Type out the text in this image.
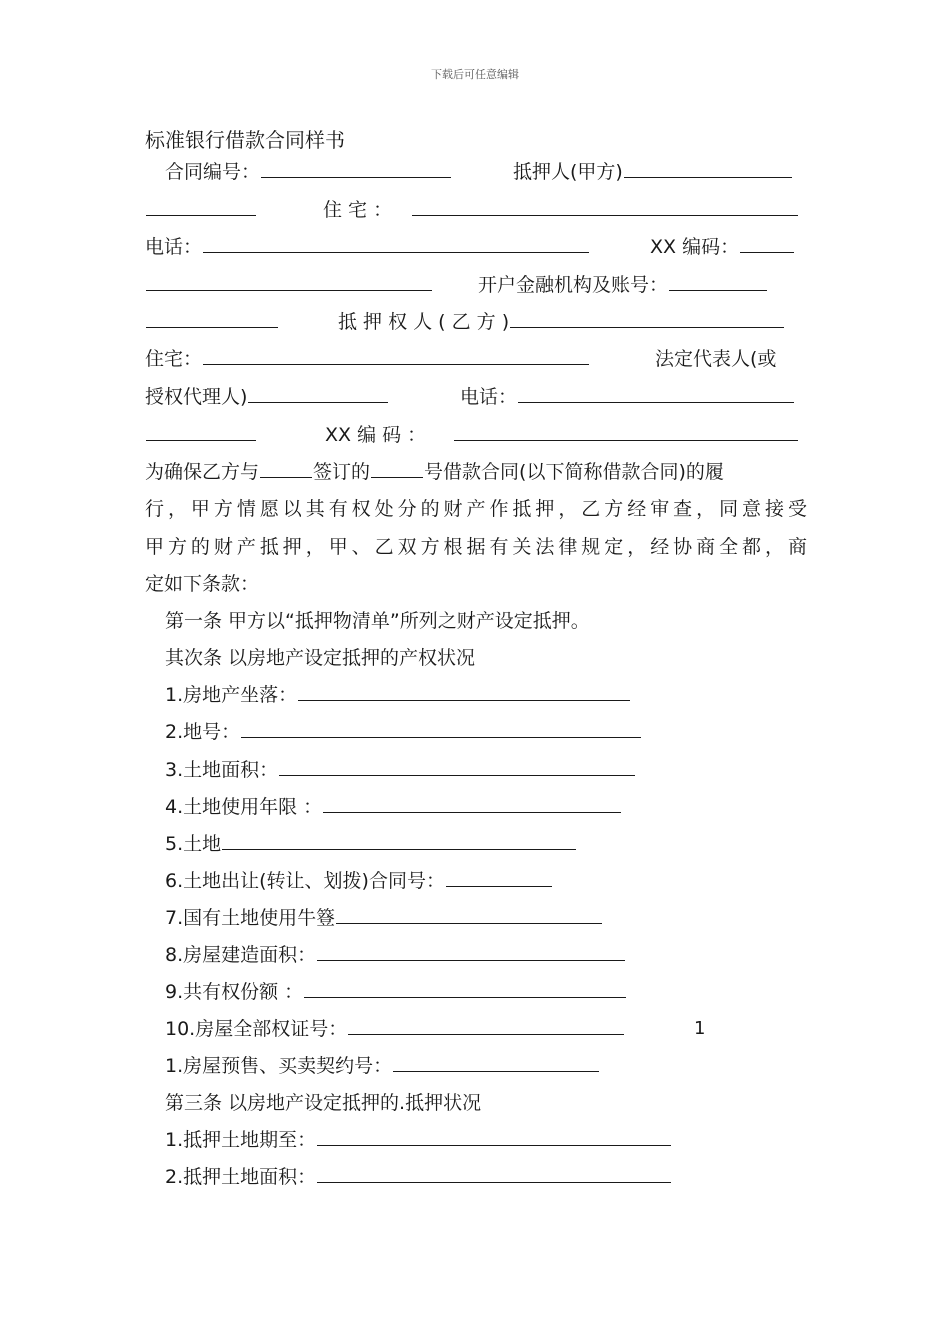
下载后可任意编辑
标准银行借款合同样书
合同编号：	抵押人(甲方)
住 宅 ：
电话：	XX 编码：
开户金融机构及账号：
抵 押 权 人 ( 乙 方 )
住宅：	法定代表人(或
授权代理人)	电话：
XX 编 码 ：
为确保乙方与	签订的	号借款合同(以下简称借款合同)的履
行，甲方情愿以其有权处分的财产作抵押，乙方经审查，同意接受
甲方的财产抵押，甲、乙双方根据有关法律规定，经协商全都，商
定如下条款：
第一条 甲方以“抵押物清单”所列之财产设定抵押。
其次条 以房地产设定抵押的产权状况
1.房地产坐落：
2.地号：
3.土地面积：
4.土地使用年限 ：
5.土地
6.土地出让(转让、划拨)合同号：
7.国有土地使用牛簦
8.房屋建造面积：
9.共有权份额 ：
10.房屋全部权证号：	1
1.房屋预售、买卖契约号：
第三条 以房地产设定抵押的.抵押状况
1.抵押土地期至：
2.抵押土地面积：
